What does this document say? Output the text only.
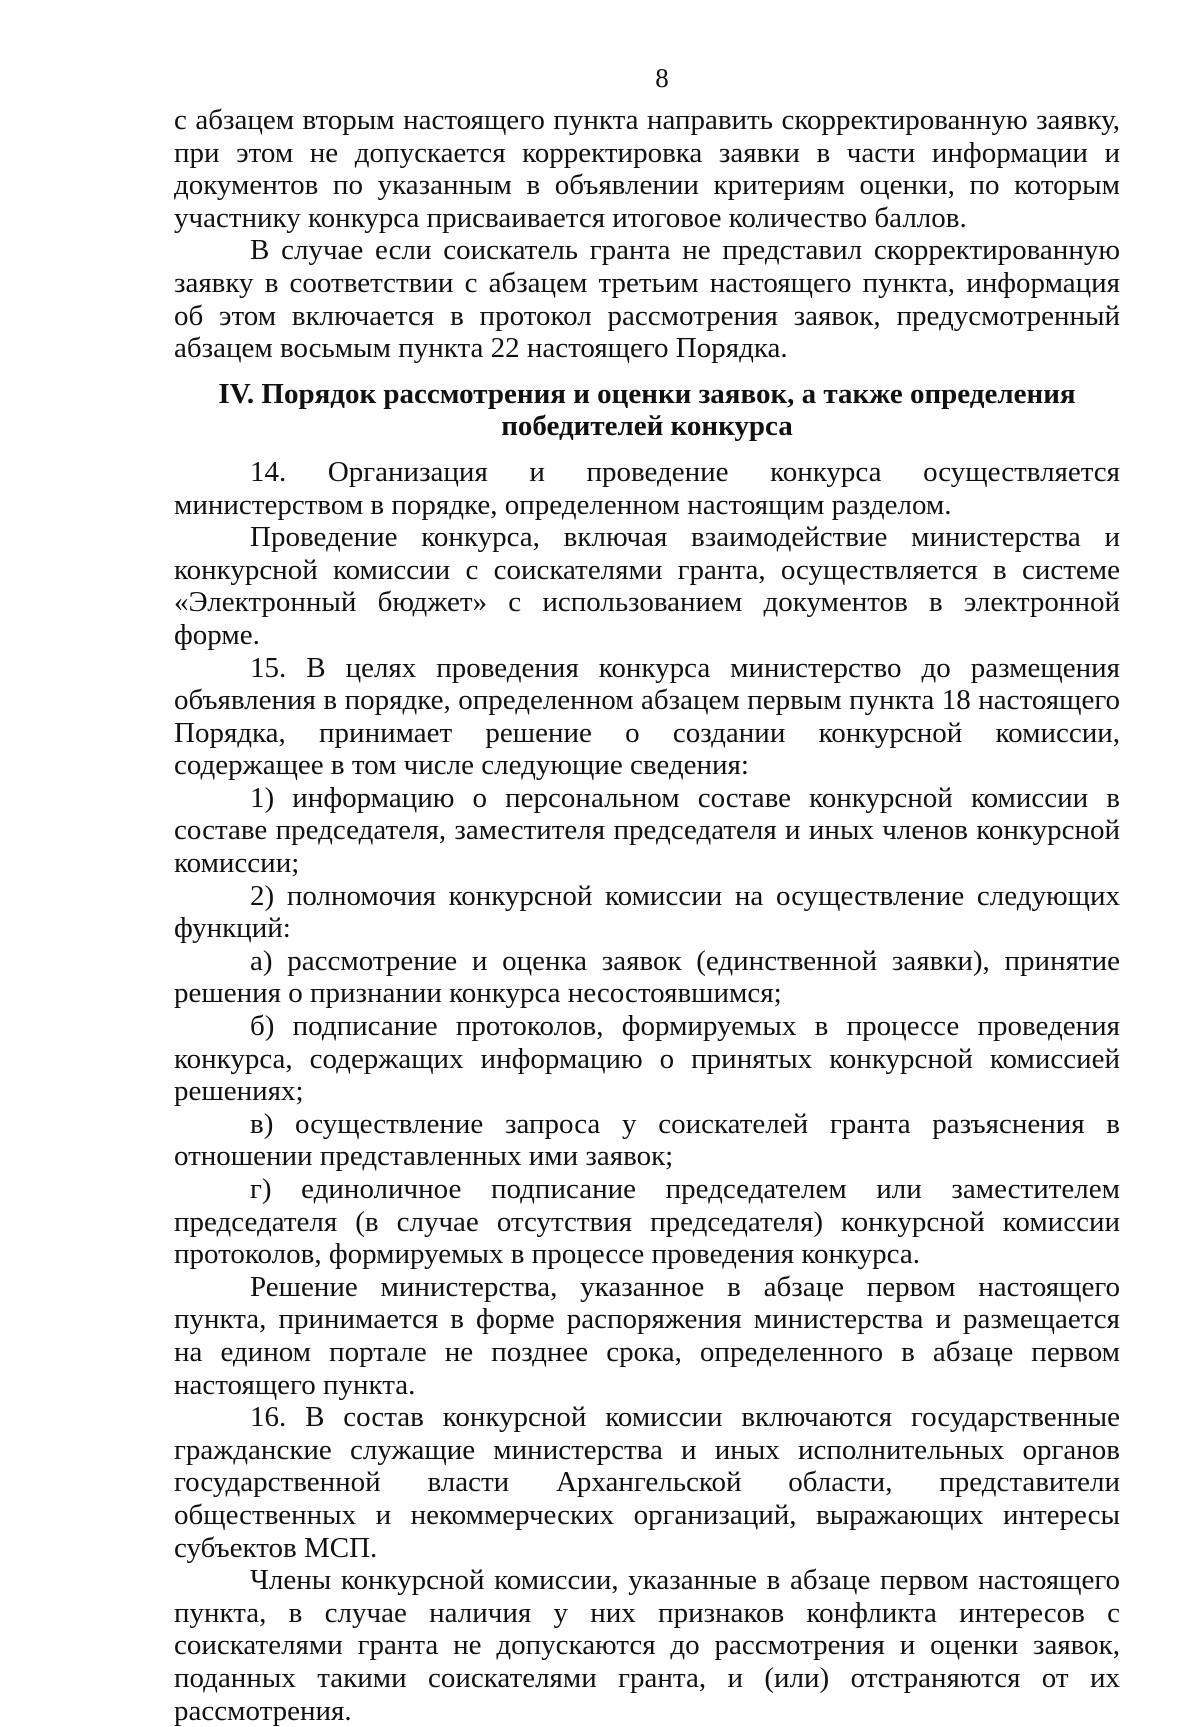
8

с абзацем вторым настоящего пункта направить скорректированную заявку, при этом не допускается корректировка заявки в части информации и документов по указанным в объявлении критериям оценки, по которым участнику конкурса присваивается итоговое количество баллов.

В случае если соискатель гранта не представил скорректированную заявку в соответствии с абзацем третьим настоящего пункта, информация об этом включается в протокол рассмотрения заявок, предусмотренный абзацем восьмым пункта 22 настоящего Порядка.

IV. Порядок рассмотрения и оценки заявок, а также определения
победителей конкурса

14. Организация и проведение конкурса осуществляется министерством в порядке, определенном настоящим разделом.

Проведение конкурса, включая взаимодействие министерства и конкурсной комиссии с соискателями гранта, осуществляется в системе «Электронный бюджет» с использованием документов в электронной форме.

15. В целях проведения конкурса министерство до размещения объявления в порядке, определенном абзацем первым пункта 18 настоящего Порядка, принимает решение о создании конкурсной комиссии, содержащее в том числе следующие сведения:

1) информацию о персональном составе конкурсной комиссии в составе председателя, заместителя председателя и иных членов конкурсной комиссии;

2) полномочия конкурсной комиссии на осуществление следующих функций:

а) рассмотрение и оценка заявок (единственной заявки), принятие решения о признании конкурса несостоявшимся;

б) подписание протоколов, формируемых в процессе проведения конкурса, содержащих информацию о принятых конкурсной комиссией решениях;

в) осуществление запроса у соискателей гранта разъяснения в отношении представленных ими заявок;

г) единоличное подписание председателем или заместителем председателя (в случае отсутствия председателя) конкурсной комиссии протоколов, формируемых в процессе проведения конкурса.

Решение министерства, указанное в абзаце первом настоящего пункта, принимается в форме распоряжения министерства и размещается на едином портале не позднее срока, определенного в абзаце первом настоящего пункта.

16. В состав конкурсной комиссии включаются государственные гражданские служащие министерства и иных исполнительных органов государственной власти Архангельской области, представители общественных и некоммерческих организаций, выражающих интересы субъектов МСП.

Члены конкурсной комиссии, указанные в абзаце первом настоящего пункта, в случае наличия у них признаков конфликта интересов с соискателями гранта не допускаются до рассмотрения и оценки заявок, поданных такими соискателями гранта, и (или) отстраняются от их рассмотрения.
